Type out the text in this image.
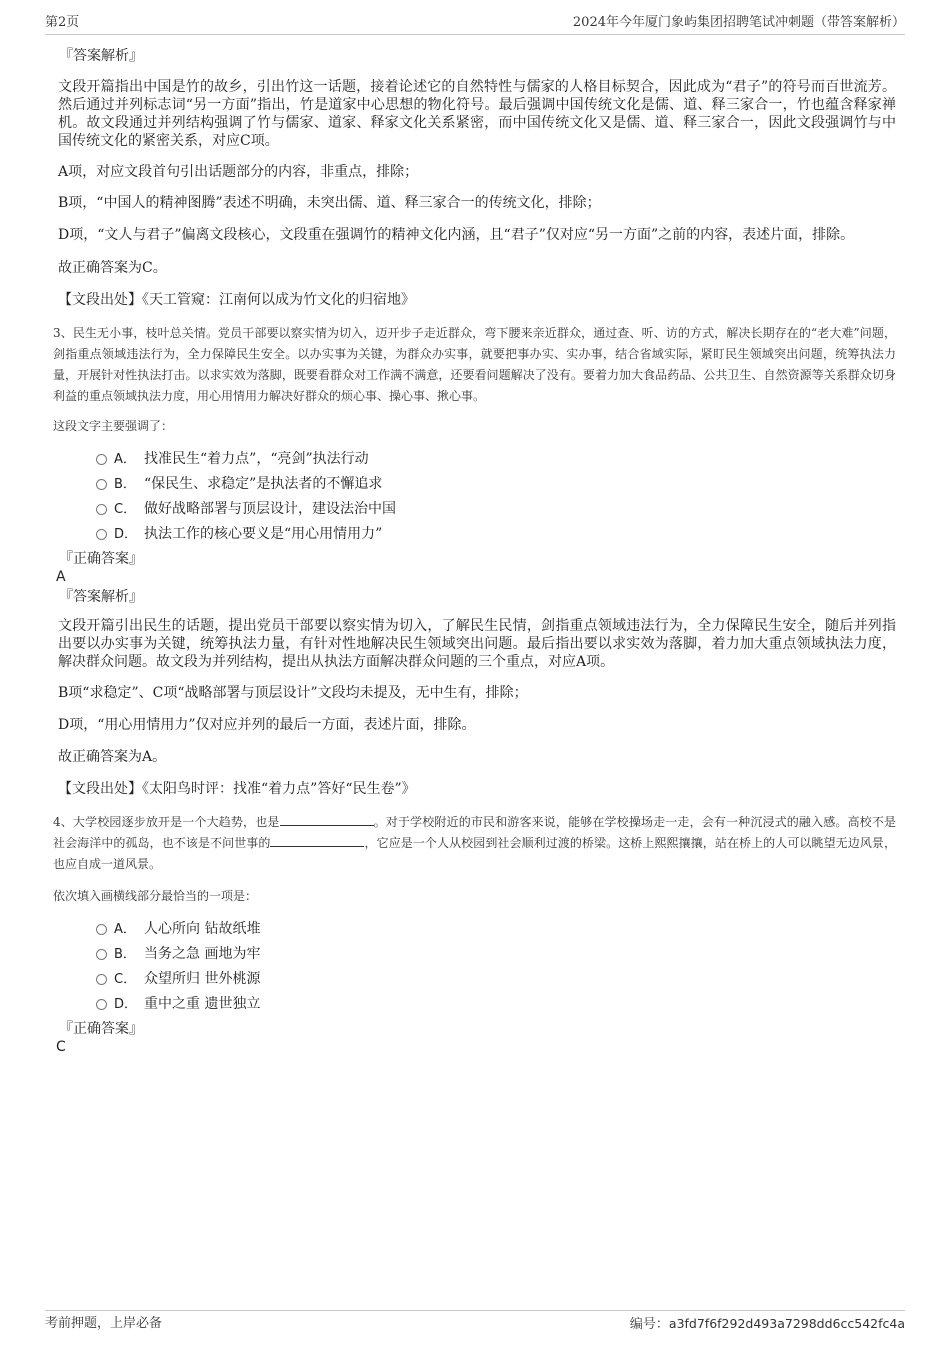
第2页	2024年今年厦门象屿集团招聘笔试冲刺题（带答案解析）
『答案解析』

文段开篇指出中国是竹的故乡，引出竹这一话题，接着论述它的自然特性与儒家的人格目标契合，因此成为“君子”的符号而百世流芳。然后通过并列标志词“另一方面”指出，竹是道家中心思想的物化符号。最后强调中国传统文化是儒、道、释三家合一，竹也蕴含释家禅机。故文段通过并列结构强调了竹与儒家、道家、释家文化关系紧密，而中国传统文化又是儒、道、释三家合一，因此文段强调竹与中国传统文化的紧密关系，对应C项。

A项，对应文段首句引出话题部分的内容，非重点，排除；

B项，“中国人的精神图腾”表述不明确，未突出儒、道、释三家合一的传统文化，排除；

D项，“文人与君子”偏离文段核心，文段重在强调竹的精神文化内涵，且“君子”仅对应“另一方面”之前的内容，表述片面，排除。

故正确答案为C。

【文段出处】《天工管窥：江南何以成为竹文化的归宿地》

3、民生无小事，枝叶总关情。党员干部要以察实情为切入，迈开步子走近群众，弯下腰来亲近群众，通过查、听、访的方式，解决长期存在的“老大难”问题，剑指重点领域违法行为，全力保障民生安全。以办实事为关键，为群众办实事，就要把事办实、实办事，结合省域实际，紧盯民生领域突出问题，统筹执法力量，开展针对性执法打击。以求实效为落脚，既要看群众对工作满不满意，还要看问题解决了没有。要着力加大食品药品、公共卫生、自然资源等关系群众切身利益的重点领域执法力度，用心用情用力解决好群众的烦心事、操心事、揪心事。

这段文字主要强调了：
A． 找准民生“着力点”，“亮剑”执法行动
B． “保民生、求稳定”是执法者的不懈追求
C． 做好战略部署与顶层设计，建设法治中国
D． 执法工作的核心要义是“用心用情用力”
『正确答案』
A
『答案解析』

文段开篇引出民生的话题，提出党员干部要以察实情为切入，了解民生民情，剑指重点领域违法行为，全力保障民生安全，随后并列指出要以办实事为关键，统筹执法力量，有针对性地解决民生领域突出问题。最后指出要以求实效为落脚，着力加大重点领域执法力度，解决群众问题。故文段为并列结构，提出从执法方面解决群众问题的三个重点，对应A项。

B项“求稳定”、C项“战略部署与顶层设计”文段均未提及，无中生有，排除；

D项，“用心用情用力”仅对应并列的最后一方面，表述片面，排除。

故正确答案为A。

【文段出处】《太阳鸟时评：找准“着力点”答好“民生卷”》

4、大学校园逐步放开是一个大趋势，也是	。对于学校附近的市民和游客来说，能够在学校操场走一走，会有一种沉浸式的融入感。高校不是社会海洋中的孤岛，也不该是不问世事的	，它应是一个人从校园到社会顺利过渡的桥梁。这桥上熙熙攘攘，站在桥上的人可以眺望无边风景，也应自成一道风景。

依次填入画横线部分最恰当的一项是：
A． 人心所向 钻故纸堆
B． 当务之急 画地为牢
C． 众望所归 世外桃源
D． 重中之重 遗世独立
『正确答案』
C
考前押题，上岸必备	编号：a3fd7f6f292d493a7298dd6cc542fc4a
